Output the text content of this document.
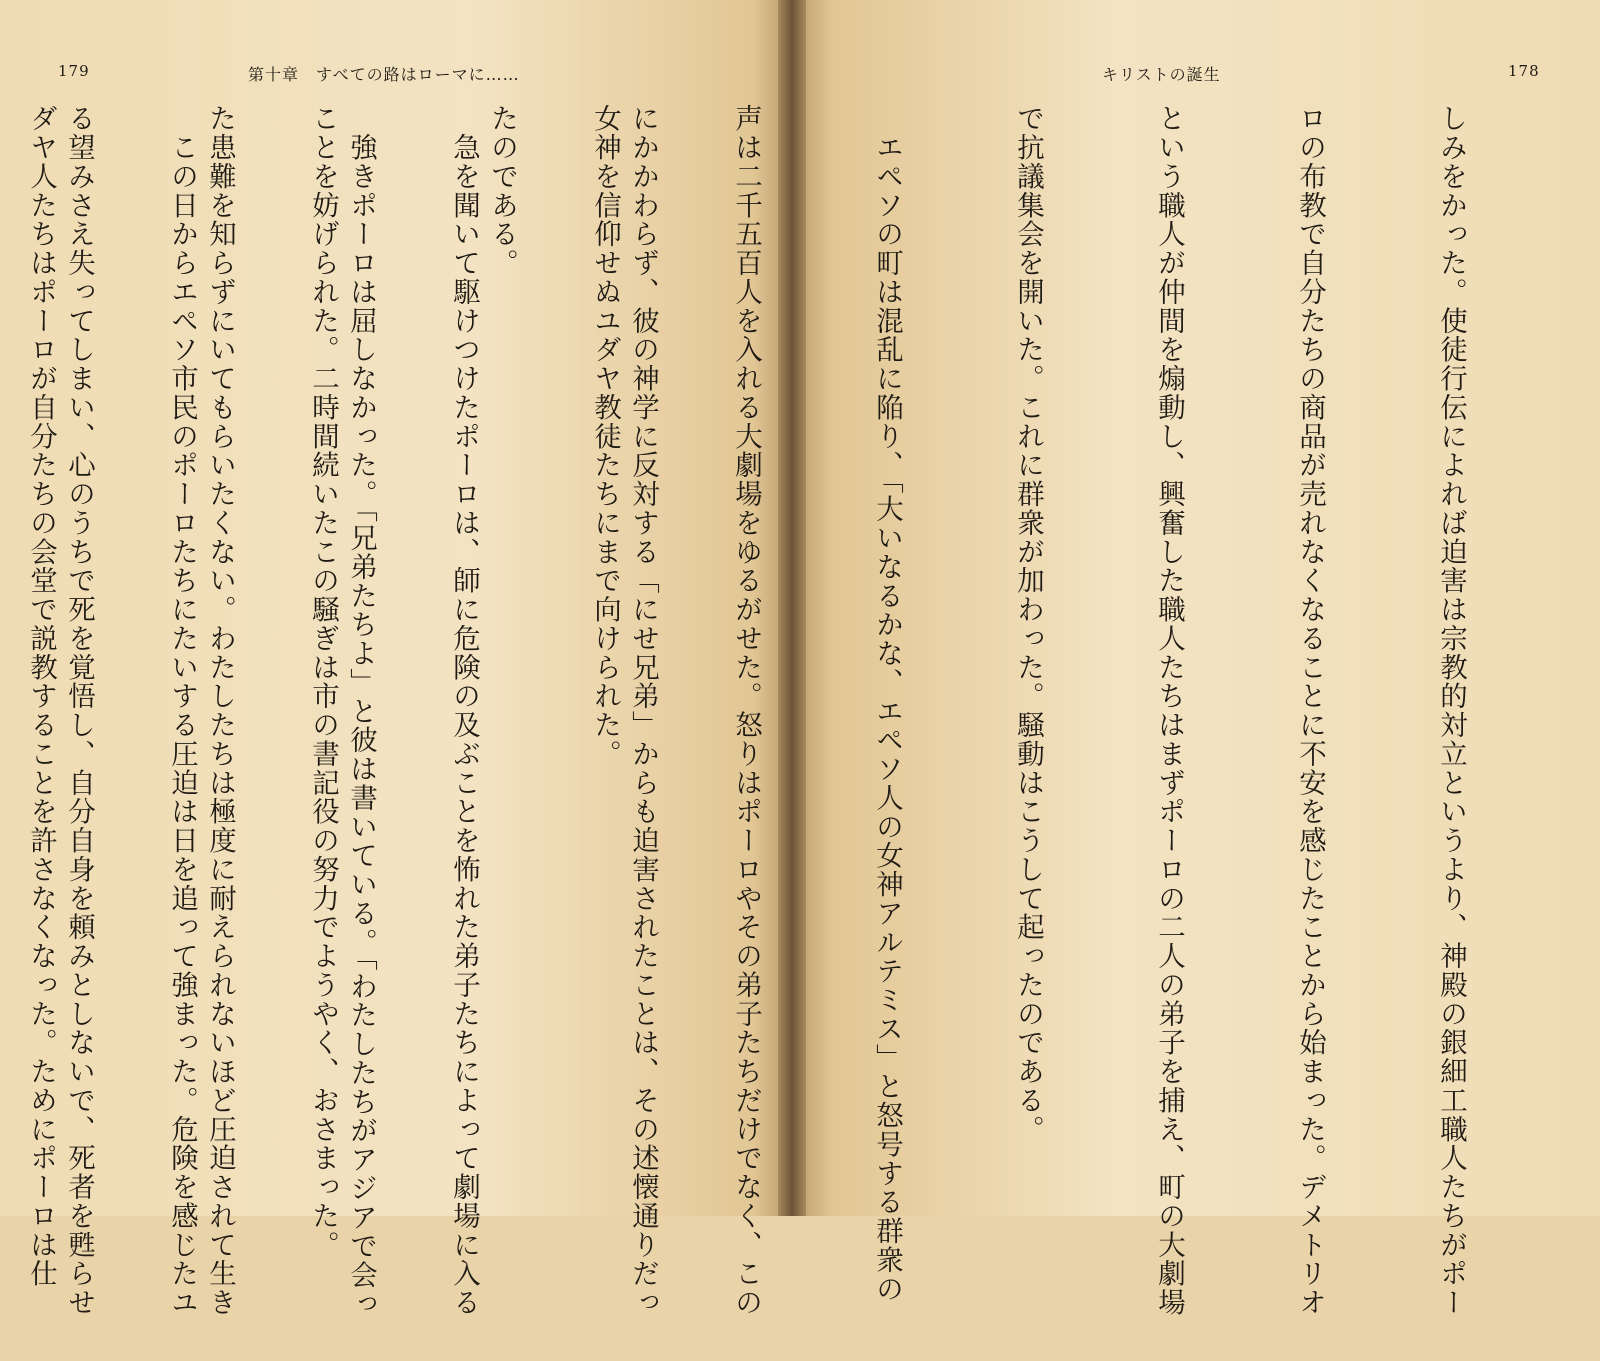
179	第十章　すべての路はローマに……

にかかわらず、彼の神学に反対する「にせ兄弟」からも迫害されたことは、その述懐通りだっ

たのである。

　強きポーロは屈しなかった。「兄弟たちよ」と彼は書いている。「わたしたちがアジアで会っ

た患難を知らずにいてもらいたくない。わたしたちは極度に耐えられないほど圧迫されて生き

る望みさえ失ってしまい、心のうちで死を覚悟し、自分自身を頼みとしないで、死者を甦らせ

キリストの誕生	178

しみをかった。使徒行伝によれば迫害は宗教的対立というより、神殿の銀細工職人たちがポー

ロの布教で自分たちの商品が売れなくなることに不安を感じたことから始まった。デメトリオ

という職人が仲間を煽動し、興奮した職人たちはまずポーロの二人の弟子を捕え、町の大劇場

で抗議集会を開いた。これに群衆が加わった。騒動はこうして起ったのである。

　エペソの町は混乱に陥り、「大いなるかな、エペソ人の女神アルテミス」と怒号する群衆の

声は二千五百人を入れる大劇場をゆるがせた。怒りはポーロやその弟子たちだけでなく、この

女神を信仰せぬユダヤ教徒たちにまで向けられた。

　急を聞いて駆けつけたポーロは、師に危険の及ぶことを怖れた弟子たちによって劇場に入る

ことを妨げられた。二時間続いたこの騒ぎは市の書記役の努力でようやく、おさまった。

　この日からエペソ市民のポーロたちにたいする圧迫は日を追って強まった。危険を感じたユ

ダヤ人たちはポーロが自分たちの会堂で説教することを許さなくなった。ためにポーロは仕
